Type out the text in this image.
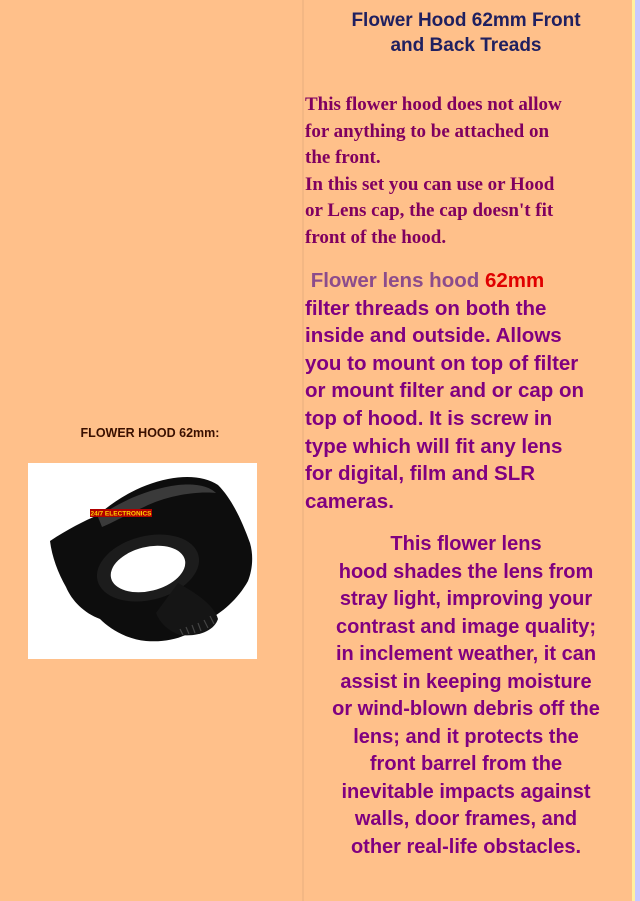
FLOWER HOOD 62mm:
24/7 ELECTRONICS
Flower Hood 62mm Front
and Back Treads
This flower hood does not allow
for anything to be attached on
the front.
In this set you can use or Hood
or Lens cap, the cap doesn't fit
front of the hood.
Flower lens hood 62mm
filter threads on both the
inside and outside. Allows
you to mount on top of filter
or mount filter and or cap on
top of hood. It is screw in
type which will fit any lens
for digital, film and SLR
cameras.
This flower lens
hood shades the lens from
stray light, improving your
contrast and image quality;
in inclement weather, it can
assist in keeping moisture
or wind-blown debris off the
lens; and it protects the
front barrel from the
inevitable impacts against
walls, door frames, and
other real-life obstacles.
